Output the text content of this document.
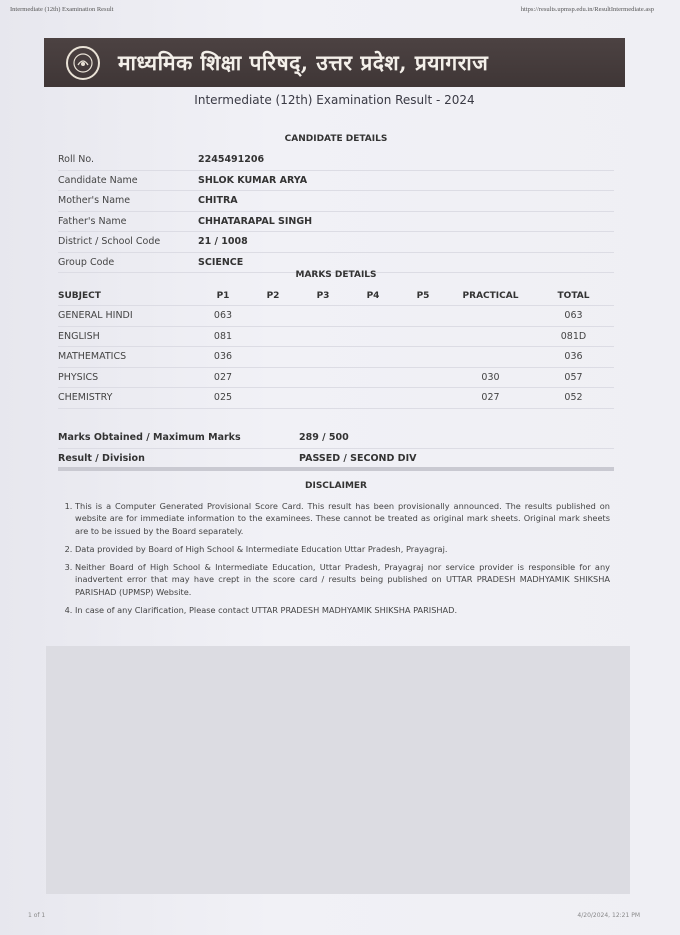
Intermediate (12th) Examination Result	https://results.upmsp.edu.in/ResultIntermediate.asp
माध्यमिक शिक्षा परिषद्, उत्तर प्रदेश, प्रयागराज
Intermediate (12th) Examination Result - 2024
CANDIDATE DETAILS
Roll No.	2245491206
Candidate Name	SHLOK KUMAR ARYA
Mother's Name	CHITRA
Father's Name	CHHATARAPAL SINGH
District / School Code	21 / 1008
Group Code	SCIENCE
MARKS DETAILS
SUBJECT	P1	P2	P3	P4	P5	PRACTICAL	TOTAL
GENERAL HINDI	063						063
ENGLISH	081						081D
MATHEMATICS	036						036
PHYSICS	027					030	057
CHEMISTRY	025					027	052
Marks Obtained / Maximum Marks	289 / 500
Result / Division	PASSED / SECOND DIV
DISCLAIMER
1. This is a Computer Generated Provisional Score Card. This result has been provisionally announced. The results published on website are for immediate information to the examinees. These cannot be treated as original mark sheets. Original mark sheets are to be issued by the Board separately.
2. Data provided by Board of High School & Intermediate Education Uttar Pradesh, Prayagraj.
3. Neither Board of High School & Intermediate Education, Uttar Pradesh, Prayagraj nor service provider is responsible for any inadvertent error that may have crept in the score card / results being published on UTTAR PRADESH MADHYAMIK SHIKSHA PARISHAD (UPMSP) Website.
4. In case of any Clarification, Please contact UTTAR PRADESH MADHYAMIK SHIKSHA PARISHAD.
1 of 1	4/20/2024, 12:21 PM
